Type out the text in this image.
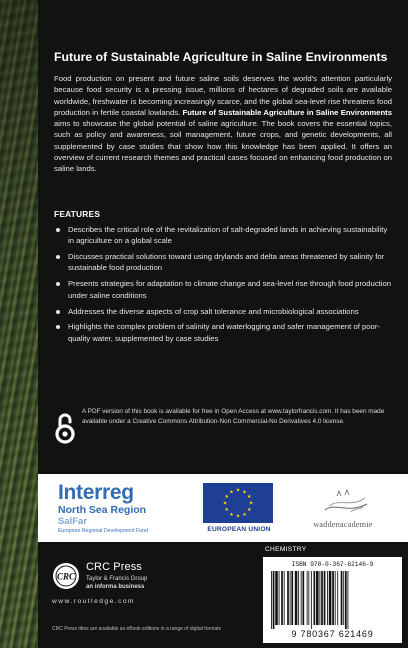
Future of Sustainable Agriculture in Saline Environments

Food production on present and future saline soils deserves the world's attention particularly because food security is a pressing issue, millions of hectares of degraded soils are available worldwide, freshwater is becoming increasingly scarce, and the global sea-level rise threatens food production in fertile coastal lowlands. Future of Sustainable Agriculture in Saline Environments aims to showcase the global potential of saline agriculture. The book covers the essential topics, such as policy and awareness, soil management, future crops, and genetic developments, all supplemented by case studies that show how this knowledge has been applied. It offers an overview of current research themes and practical cases focused on enhancing food production on saline lands.

FEATURES
Describes the critical role of the revitalization of salt-degraded lands in achieving sustainability in agriculture on a global scale
Discusses practical solutions toward using drylands and delta areas threatened by salinity for sustainable food production
Presents strategies for adaptation to climate change and sea-level rise through food production under saline conditions
Addresses the diverse aspects of crop salt tolerance and microbiological associations
Highlights the complex problem of salinity and waterlogging and safer management of poor-quality water, supplemented by case studies

A PDF version of this book is available for free in Open Access at www.taylorfrancis.com. It has been made available under a Creative Commons Attribution-Non Commercial-No Derivatives 4.0 license.

Interreg
North Sea Region
SalFar
European Regional Development Fund
★
★
★
★
★
★
★
★
★ ★ ★
★
EUROPEAN UNION
waddenacademie
CRC
CRC Press
Taylor & Francis Group
an informa business
www.routledge.com
CRC Press titles are available as eBook editions in a range of digital formats
CHEMISTRY
ISBN 978-0-367-62146-9
9 780367 621469
